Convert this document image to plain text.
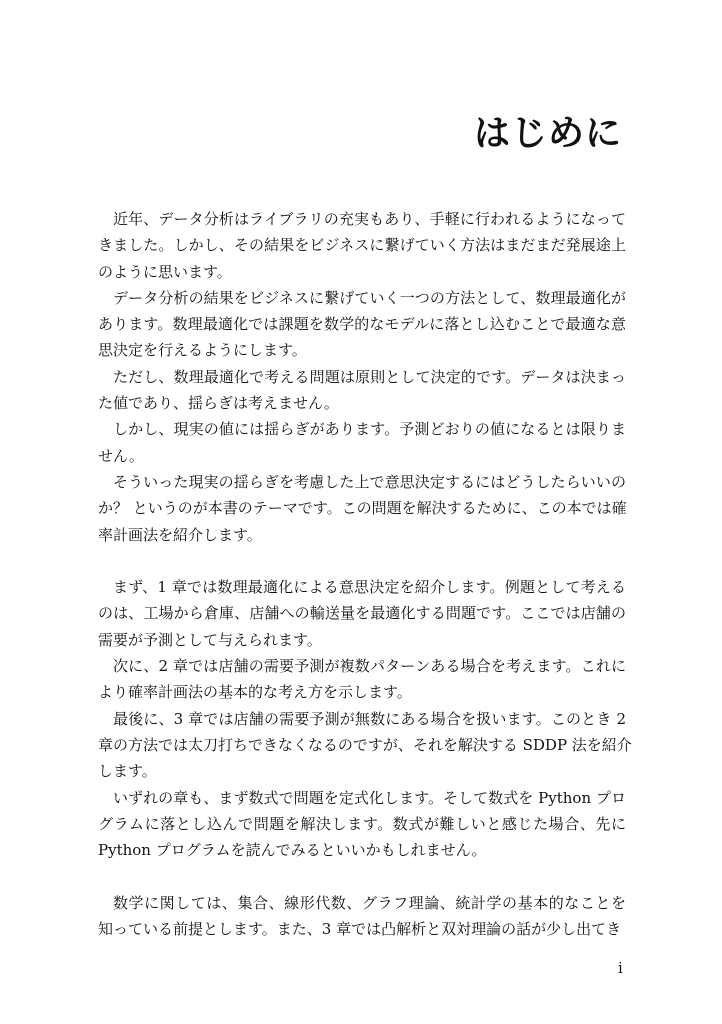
はじめに
近年、データ分析はライブラリの充実もあり、手軽に行われるようになって
きました。しかし、その結果をビジネスに繋げていく方法はまだまだ発展途上
のように思います。
データ分析の結果をビジネスに繋げていく一つの方法として、数理最適化が
あります。数理最適化では課題を数学的なモデルに落とし込むことで最適な意
思決定を行えるようにします。
ただし、数理最適化で考える問題は原則として決定的です。データは決まっ
た値であり、揺らぎは考えません。
しかし、現実の値には揺らぎがあります。予測どおりの値になるとは限りま
せん。
そういった現実の揺らぎを考慮した上で意思決定するにはどうしたらいいの
か？ というのが本書のテーマです。この問題を解決するために、この本では確
率計画法を紹介します。
まず、1 章では数理最適化による意思決定を紹介します。例題として考える
のは、工場から倉庫、店舗への輸送量を最適化する問題です。ここでは店舗の
需要が予測として与えられます。
次に、2 章では店舗の需要予測が複数パターンある場合を考えます。これに
より確率計画法の基本的な考え方を示します。
最後に、3 章では店舗の需要予測が無数にある場合を扱います。このとき 2
章の方法では太刀打ちできなくなるのですが、それを解決する SDDP 法を紹介
します。
いずれの章も、まず数式で問題を定式化します。そして数式を Python プロ
グラムに落とし込んで問題を解決します。数式が難しいと感じた場合、先に
Python プログラムを読んでみるといいかもしれません。
数学に関しては、集合、線形代数、グラフ理論、統計学の基本的なことを
知っている前提とします。また、3 章では凸解析と双対理論の話が少し出てき

i
